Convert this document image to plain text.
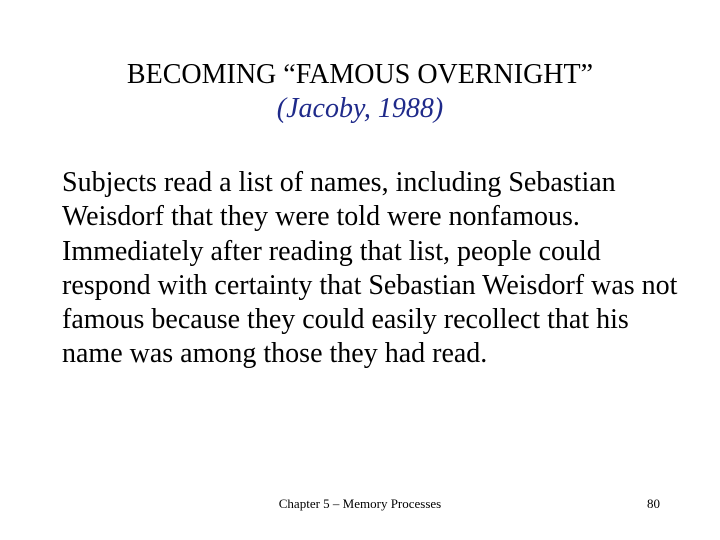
BECOMING “FAMOUS OVERNIGHT”
(Jacoby, 1988)
Subjects read a list of names, including Sebastian Weisdorf that they were told were nonfamous. Immediately after reading that list, people could respond with certainty that Sebastian Weisdorf was not famous because they could easily recollect that his name was among those they had read.
Chapter 5 – Memory Processes	80
